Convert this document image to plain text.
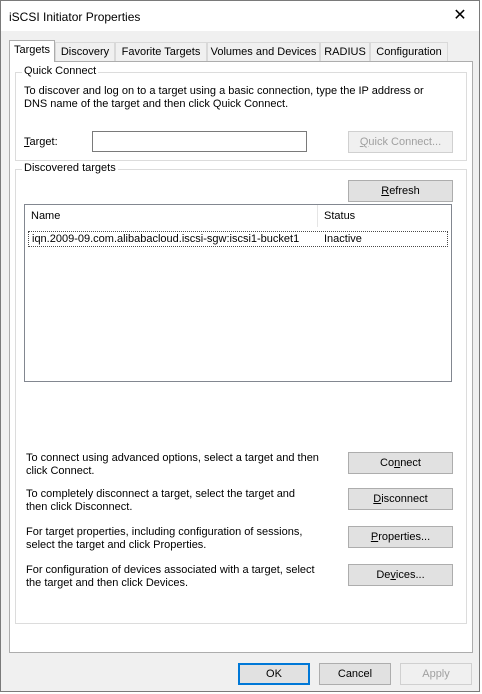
iSCSI Initiator Properties	✕
Targets Discovery	Favorite Targets Volumes and Devices RADIUS Configuration
Quick Connect
To discover and log on to a target using a basic connection, type the IP address or DNS name of the target and then click Quick Connect.
Target:	Quick Connect...
Discovered targets
Refresh
Name	Status
iqn.2009-09.com.alibabacloud.iscsi-sgw:iscsi1-bucket1 Inactive
To connect using advanced options, select a target and then click Connect.
Connect
To completely disconnect a target, select the target and then click Disconnect.
Disconnect
For target properties, including configuration of sessions, select the target and click Properties.
Properties...
For configuration of devices associated with a target, select the target and then click Devices.
Devices...
OK	Cancel	Apply
